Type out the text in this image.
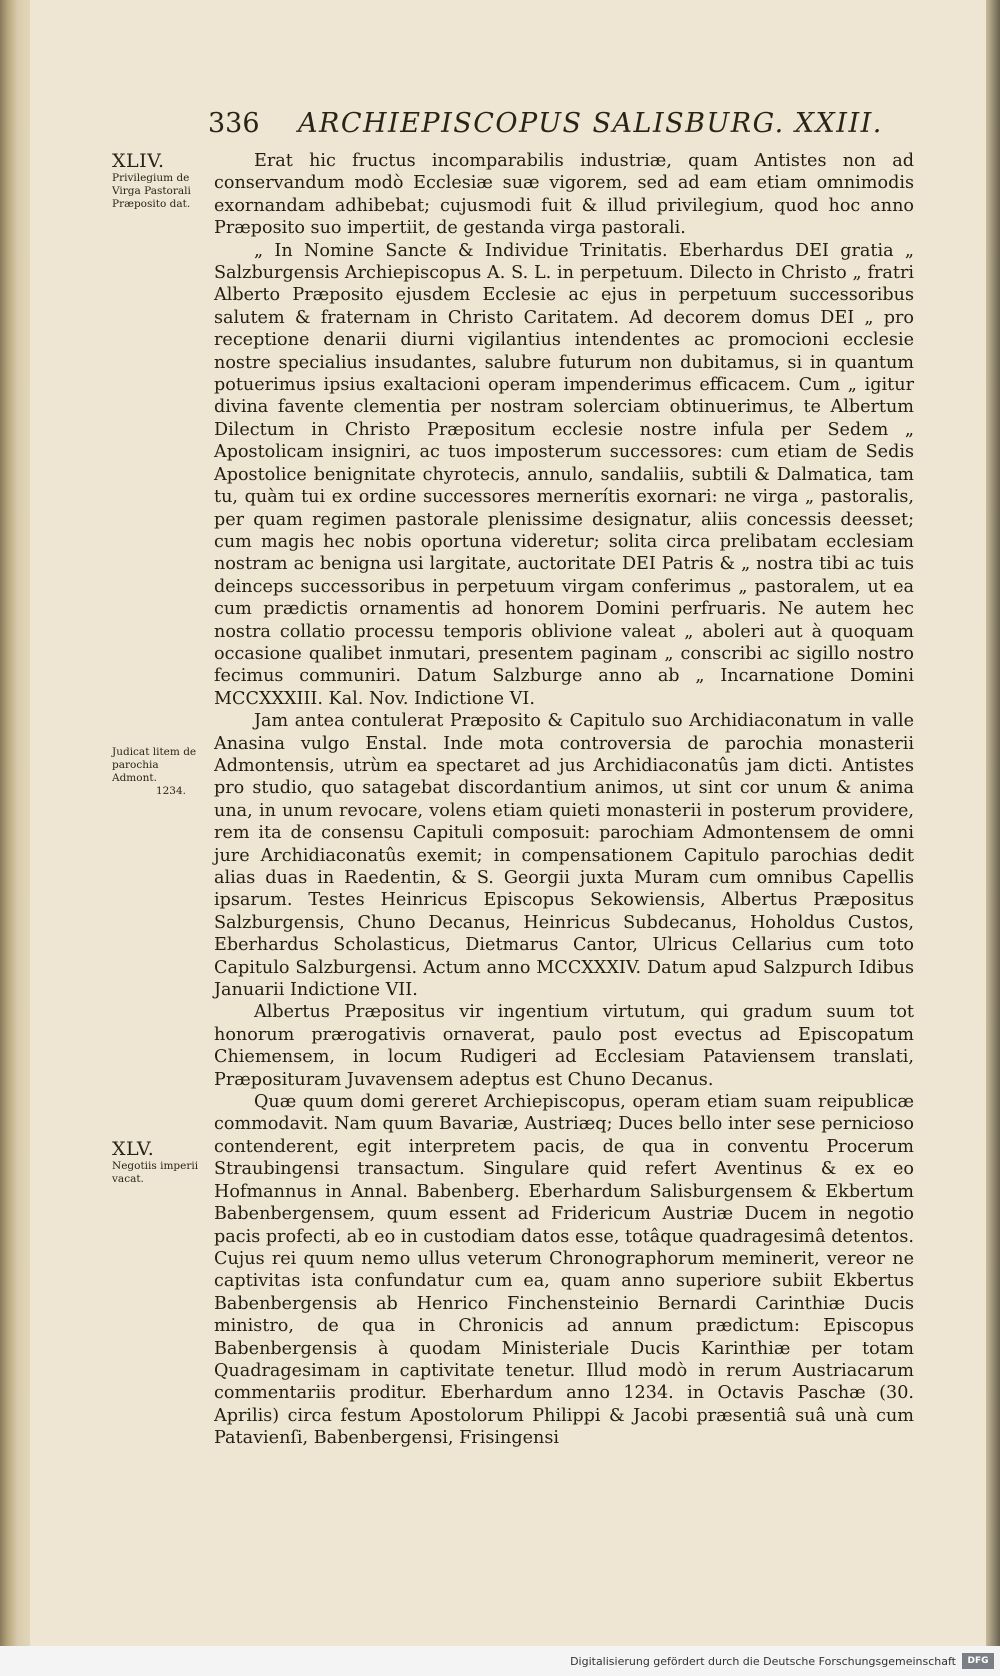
336 ARCHIEPISCOPUS SALISBURG. XXIII.
XLIV.
Privilegium de Virga Pastorali Præposito dat.
Judicat litem de parochia Admont.
1234.
XLV.
Negotiis imperii vacat.

Erat hic fructus incomparabilis industriæ, quam Antistes non ad conservandum modò Ecclesiæ suæ vigorem, sed ad eam etiam omnimodis exornandam adhibebat; cujusmodi fuit & illud privilegium, quod hoc anno Præposito suo impertiit, de gestanda virga pastorali.

„ In Nomine Sancte & Individue Trinitatis. Eberhardus DEI gratia „ Salzburgensis Archiepiscopus A. S. L. in perpetuum. Dilecto in Christo „ fratri Alberto Præposito ejusdem Ecclesie ac ejus in perpetuum successoribus salutem & fraternam in Christo Caritatem. Ad decorem domus DEI „ pro receptione denarii diurni vigilantius intendentes ac promocioni ecclesie nostre specialius insudantes, salubre futurum non dubitamus, si in quantum potuerimus ipsius exaltacioni operam impenderimus efficacem. Cum „ igitur divina favente clementia per nostram solerciam obtinuerimus, te Albertum Dilectum in Christo Præpositum ecclesie nostre infula per Sedem „ Apostolicam insigniri, ac tuos imposterum successores: cum etiam de Sedis Apostolice benignitate chyrotecis, annulo, sandaliis, subtili & Dalmatica, tam tu, quàm tui ex ordine successores mernerítis exornari: ne virga „ pastoralis, per quam regimen pastorale plenissime designatur, aliis concessis deesset; cum magis hec nobis oportuna videretur; solita circa prelibatam ecclesiam nostram ac benigna usi largitate, auctoritate DEI Patris & „ nostra tibi ac tuis deinceps successoribus in perpetuum virgam conferimus „ pastoralem, ut ea cum prædictis ornamentis ad honorem Domini perfruaris. Ne autem hec nostra collatio processu temporis oblivione valeat „ aboleri aut à quoquam occasione qualibet inmutari, presentem paginam „ conscribi ac sigillo nostro fecimus communiri. Datum Salzburge anno ab „ Incarnatione Domini MCCXXXIII. Kal. Nov. Indictione VI.

Jam antea contulerat Præposito & Capitulo suo Archidiaconatum in valle Anasina vulgo Enstal. Inde mota controversia de parochia monasterii Admontensis, utrùm ea spectaret ad jus Archidiaconatûs jam dicti. Antistes pro studio, quo satagebat discordantium animos, ut sint cor unum & anima una, in unum revocare, volens etiam quieti monasterii in posterum providere, rem ita de consensu Capituli composuit: parochiam Admontensem de omni jure Archidiaconatûs exemit; in compensationem Capitulo parochias dedit alias duas in Raedentin, & S. Georgii juxta Muram cum omnibus Capellis ipsarum. Testes Heinricus Episcopus Sekowiensis, Albertus Præpositus Salzburgensis, Chuno Decanus, Heinricus Subdecanus, Hoholdus Custos, Eberhardus Scholasticus, Dietmarus Cantor, Ulricus Cellarius cum toto Capitulo Salzburgensi. Actum anno MCCXXXIV. Datum apud Salzpurch Idibus Januarii Indictione VII.

Albertus Præpositus vir ingentium virtutum, qui gradum suum tot honorum prærogativis ornaverat, paulo post evectus ad Episcopatum Chiemensem, in locum Rudigeri ad Ecclesiam Pataviensem translati, Præposituram Juvavensem adeptus est Chuno Decanus.

Quæ quum domi gereret Archiepiscopus, operam etiam suam reipublicæ commodavit. Nam quum Bavariæ, Austriæq; Duces bello inter sese pernicioso contenderent, egit interpretem pacis, de qua in conventu Procerum Straubingensi transactum. Singulare quid refert Aventinus & ex eo Hofmannus in Annal. Babenberg. Eberhardum Salisburgensem & Ekbertum Babenbergensem, quum essent ad Fridericum Austriæ Ducem in negotio pacis profecti, ab eo in custodiam datos esse, totâque quadragesimâ detentos. Cujus rei quum nemo ullus veterum Chronographorum meminerit, vereor ne captivitas ista confundatur cum ea, quam anno superiore subiit Ekbertus Babenbergensis ab Henrico Finchensteinio Bernardi Carinthiæ Ducis ministro, de qua in Chronicis ad annum prædictum: Episcopus Babenbergensis à quodam Ministeriale Ducis Karinthiæ per totam Quadragesimam in captivitate tenetur. Illud modò in rerum Austriacarum commentariis proditur. Eberhardum anno 1234. in Octavis Paschæ (30. Aprilis) circa festum Apostolorum Philippi & Jacobi præsentiâ suâ unà cum Patavienſi, Babenbergensi, Frisingensi

Digitalisierung gefördert durch die Deutsche Forschungsgemeinschaft	DFG
